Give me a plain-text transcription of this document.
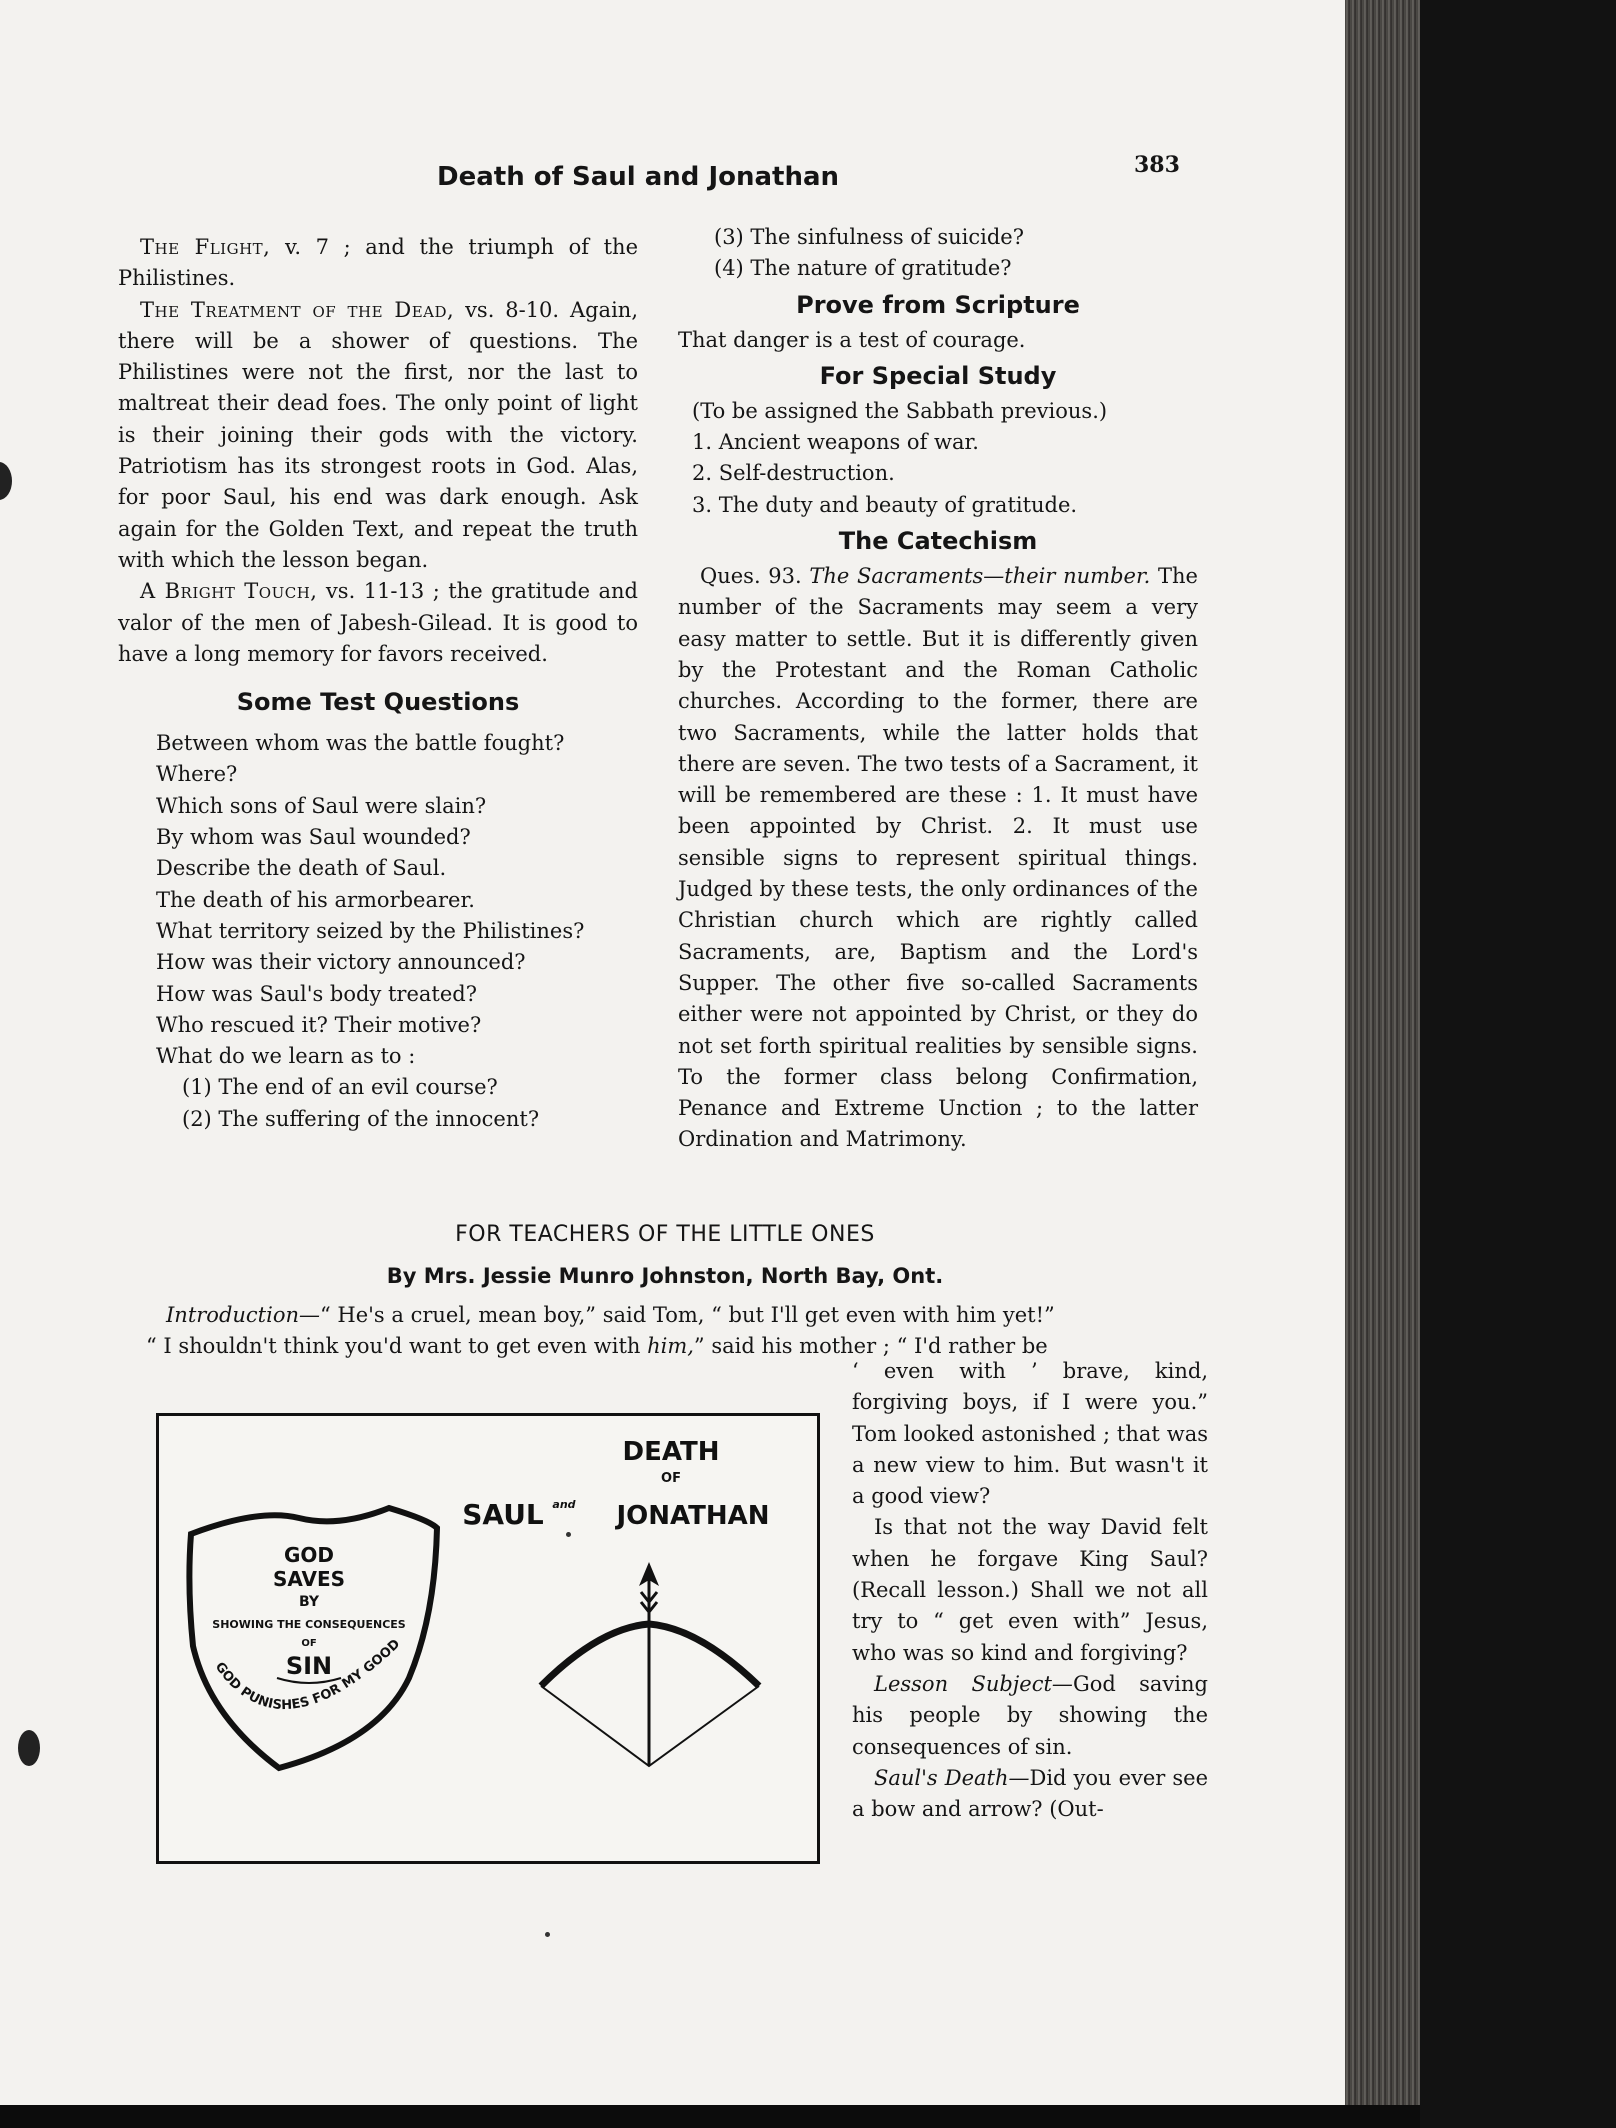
Death of Saul and Jonathan	383

The Flight, v. 7 ; and the triumph of the Philistines.

The Treatment of the Dead, vs. 8-10. Again, there will be a shower of questions. The Philistines were not the first, nor the last to maltreat their dead foes. The only point of light is their joining their gods with the victory. Patriotism has its strongest roots in God. Alas, for poor Saul, his end was dark enough. Ask again for the Golden Text, and repeat the truth with which the lesson began.

A Bright Touch, vs. 11-13 ; the gratitude and valor of the men of Jabesh-Gilead. It is good to have a long memory for favors received.

Some Test Questions
Between whom was the battle fought?
Where?
Which sons of Saul were slain?
By whom was Saul wounded?
Describe the death of Saul.
The death of his armorbearer.
What territory seized by the Philistines?
How was their victory announced?
How was Saul's body treated?
Who rescued it? Their motive?
What do we learn as to :
(1) The end of an evil course?
(2) The suffering of the innocent?
(3) The sinfulness of suicide?
(4) The nature of gratitude?
Prove from Scripture

That danger is a test of courage.

For Special Study

(To be assigned the Sabbath previous.)

1. Ancient weapons of war.
2. Self-destruction.
3. The duty and beauty of gratitude.
The Catechism

Ques. 93. The Sacraments—their number. The number of the Sacraments may seem a very easy matter to settle. But it is differently given by the Protestant and the Roman Catholic churches. According to the former, there are two Sacraments, while the latter holds that there are seven. The two tests of a Sacrament, it will be remembered are these : 1. It must have been appointed by Christ. 2. It must use sensible signs to represent spiritual things. Judged by these tests, the only ordinances of the Christian church which are rightly called Sacraments, are, Baptism and the Lord's Supper. The other five so-called Sacraments either were not appointed by Christ, or they do not set forth spiritual realities by sensible signs. To the former class belong Confirmation, Penance and Extreme Unction ; to the latter Ordination and Matrimony.

FOR TEACHERS OF THE LITTLE ONES
By Mrs. Jessie Munro Johnston, North Bay, Ont.

Introduction—“ He's a cruel, mean boy,” said Tom, “ but I'll get even with him yet!”

“ I shouldn't think you'd want to get even with him,” said his mother ; “ I'd rather be

‘ even with ’ brave, kind, forgiving boys, if I were you.” Tom looked astonished ; that was a new view to him. But wasn't it a good view?

Is that not the way David felt when he forgave King Saul? (Recall lesson.) Shall we not all try to “ get even with” Jesus, who was so kind and forgiving?

Lesson Subject—God saving his people by showing the consequences of sin.

Saul's Death—Did you ever see a bow and arrow? (Out-

DEATH
OF
SAUL and JONATHAN
GOD
SAVES
BY
SHOWING THE CONSEQUENCES
OF
SIN
GOD PUNISHES FOR MY GOOD
